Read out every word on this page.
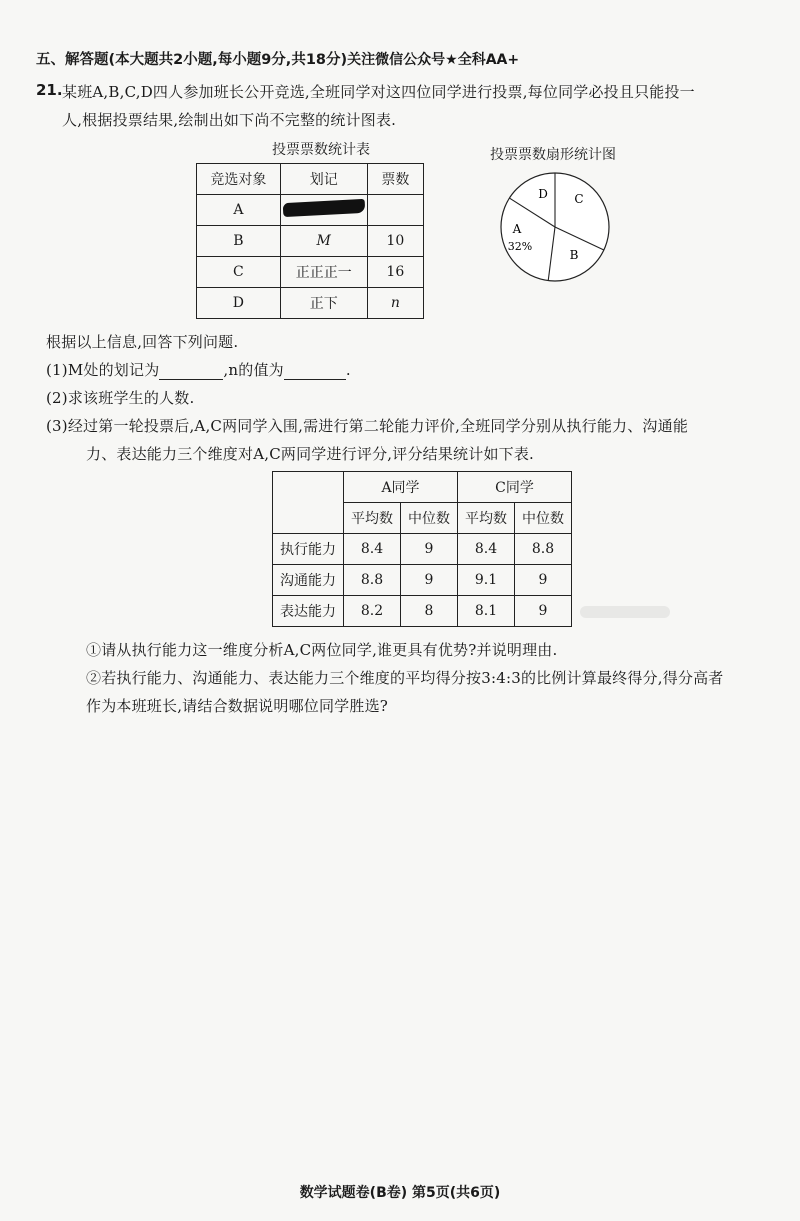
五、解答题(本大题共2小题,每小题9分,共18分)关注微信公众号★全科AA+
21. 某班A,B,C,D四人参加班长公开竞选,全班同学对这四位同学进行投票,每位同学必投且只能投一
人,根据投票结果,绘制出如下尚不完整的统计图表.
投票票数统计表
竞选对象	划记	票数
A		
B	M	10
C	正正正一	16
D	正下	n
投票票数扇形统计图
D C
A
32%
B
根据以上信息,回答下列问题.
(1)M处的划记为	,n的值为	.
(2)求该班学生的人数.
(3)经过第一轮投票后,A,C两同学入围,需进行第二轮能力评价,全班同学分别从执行能力、沟通能
力、表达能力三个维度对A,C两同学进行评分,评分结果统计如下表.
	A同学		C同学	
	平均数	中位数	平均数	中位数
执行能力	8.4	9	8.4	8.8
沟通能力	8.8	9	9.1	9
表达能力	8.2	8	8.1	9
①请从执行能力这一维度分析A,C两位同学,谁更具有优势?并说明理由.
②若执行能力、沟通能力、表达能力三个维度的平均得分按3:4:3的比例计算最终得分,得分高者
作为本班班长,请结合数据说明哪位同学胜选?
数学试题卷(B卷) 第5页(共6页)
